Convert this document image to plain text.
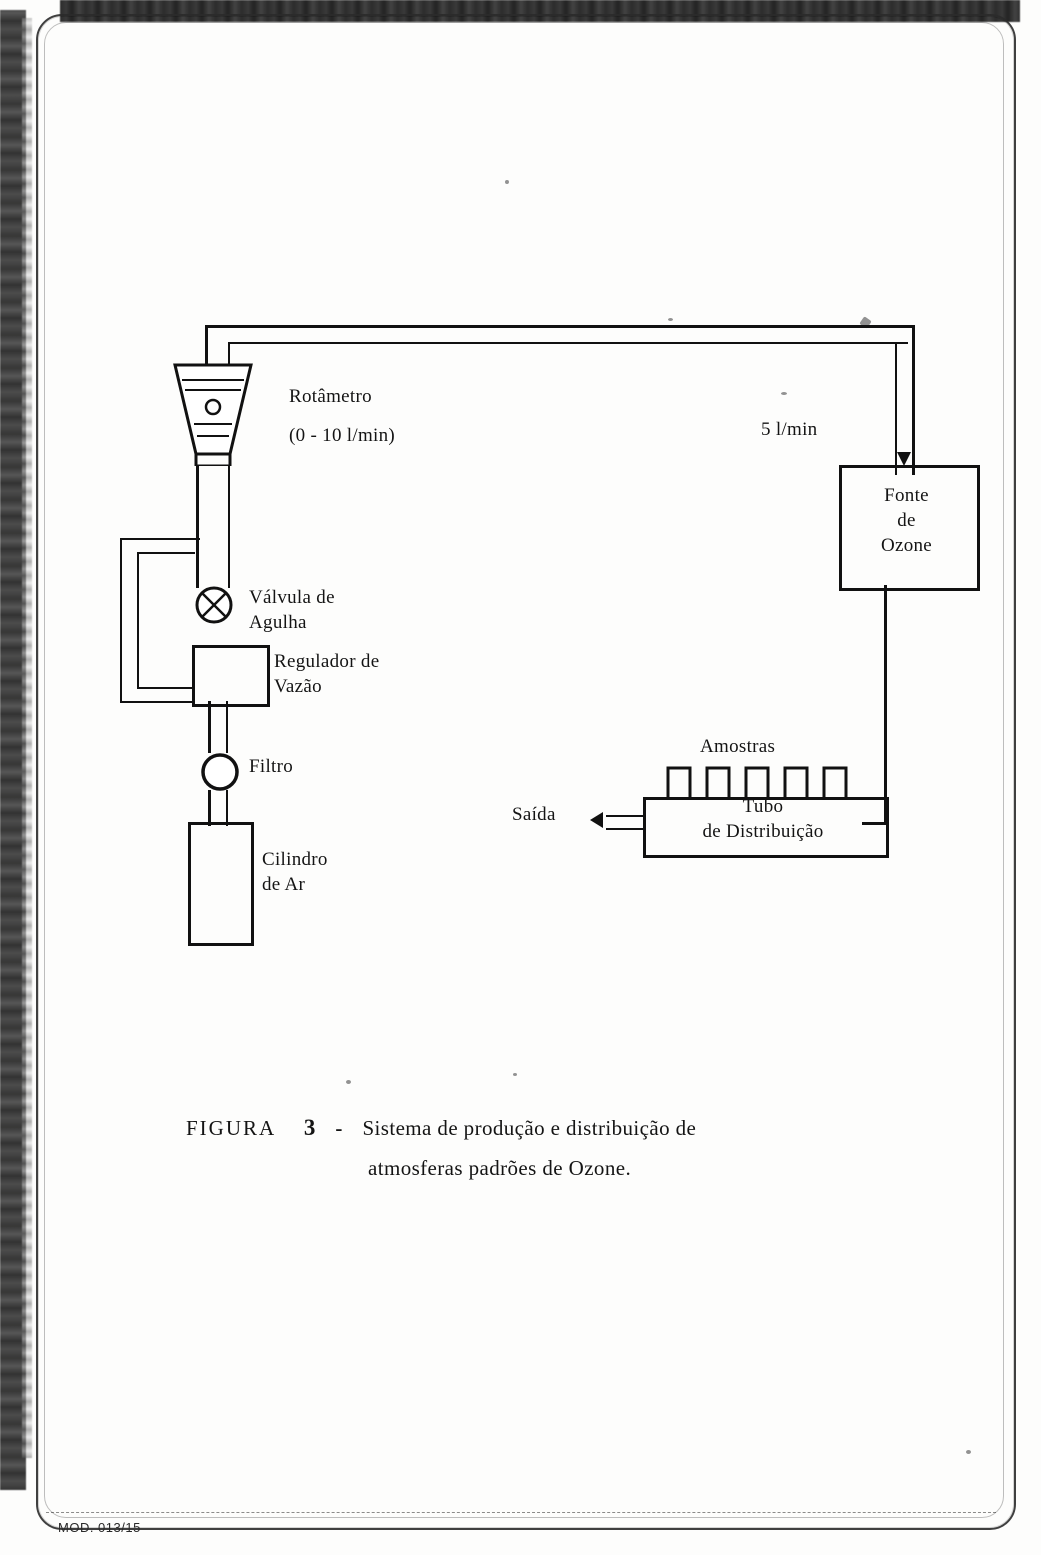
Rotâmetro
(0 - 10 l/min)	5 l/min
Fonte
de
Ozone
Válvula de
Agulha
Regulador de
Vazão
Filtro
Cilindro
de Ar
Tubo
de Distribuição
Amostras
Saída
FIGURA 3 - Sistema de produção e distribuição de
atmosferas padrões de Ozone.
MOD. 013/15
